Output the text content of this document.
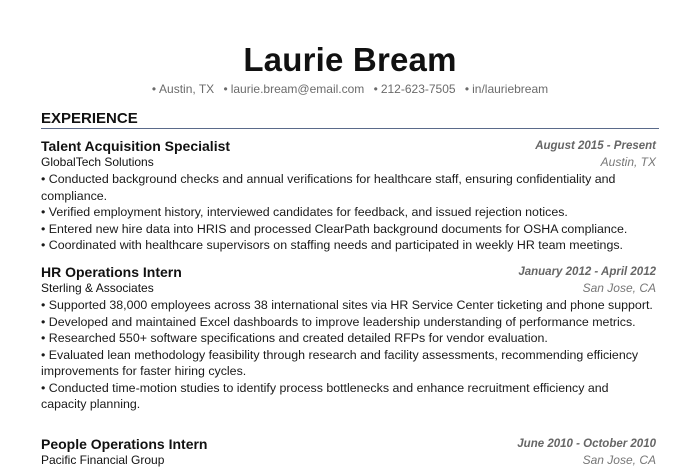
Laurie Bream
• Austin, TX • laurie.bream@email.com • 212-623-7505 • in/lauriebream
EXPERIENCE
Talent Acquisition Specialist	August 2015 - Present
GlobalTech Solutions	Austin, TX
• Conducted background checks and annual verifications for healthcare staff, ensuring confidentiality and compliance.
• Verified employment history, interviewed candidates for feedback, and issued rejection notices.
• Entered new hire data into HRIS and processed ClearPath background documents for OSHA compliance.
• Coordinated with healthcare supervisors on staffing needs and participated in weekly HR team meetings.
HR Operations Intern	January 2012 - April 2012
Sterling & Associates	San Jose, CA
• Supported 38,000 employees across 38 international sites via HR Service Center ticketing and phone support.
• Developed and maintained Excel dashboards to improve leadership understanding of performance metrics.
• Researched 550+ software specifications and created detailed RFPs for vendor evaluation.
• Evaluated lean methodology feasibility through research and facility assessments, recommending efficiency improvements for faster hiring cycles.
• Conducted time-motion studies to identify process bottlenecks and enhance recruitment efficiency and capacity planning.
People Operations Intern	June 2010 - October 2010
Pacific Financial Group	San Jose, CA
